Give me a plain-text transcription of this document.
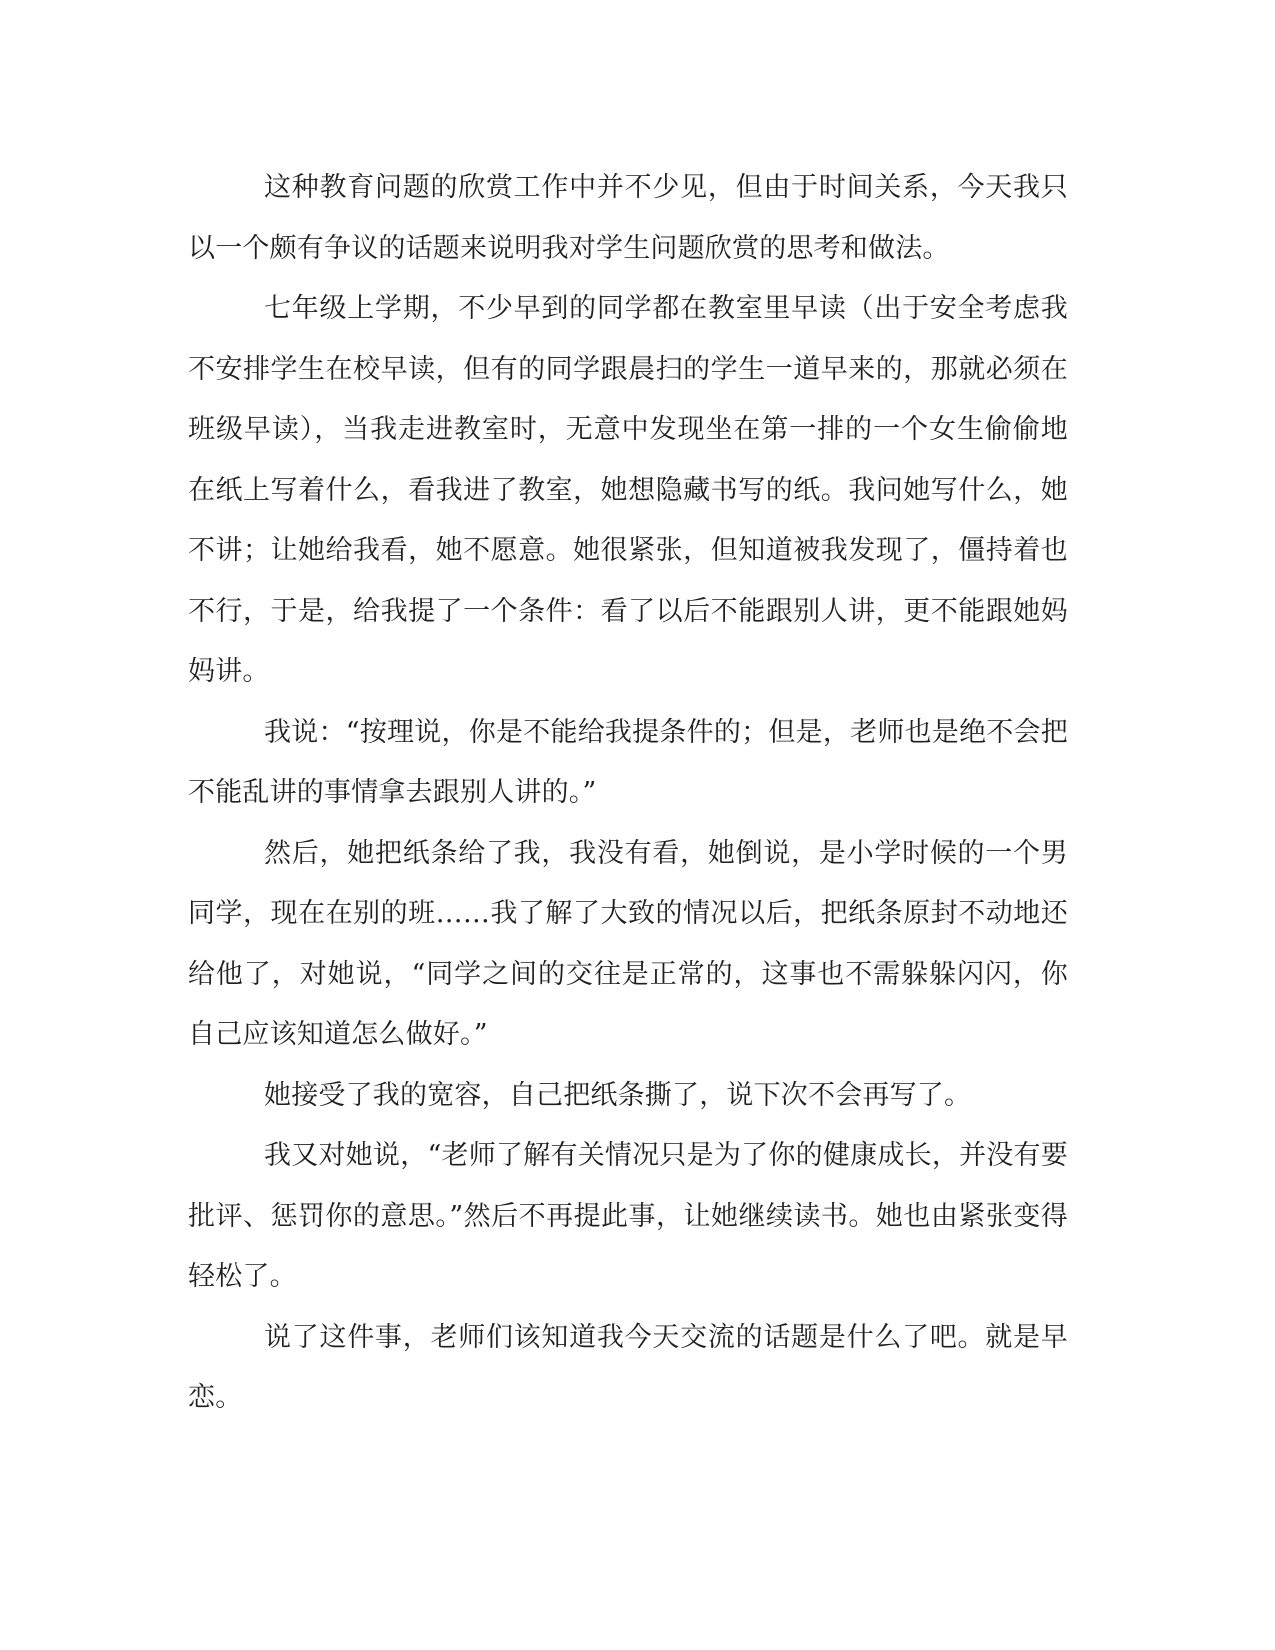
这种教育问题的欣赏工作中并不少见，但由于时间关系，今天我只以一个颇有争议的话题来说明我对学生问题欣赏的思考和做法。

七年级上学期，不少早到的同学都在教室里早读（出于安全考虑我不安排学生在校早读，但有的同学跟晨扫的学生一道早来的，那就必须在班级早读），当我走进教室时，无意中发现坐在第一排的一个女生偷偷地在纸上写着什么，看我进了教室，她想隐藏书写的纸。我问她写什么，她不讲；让她给我看，她不愿意。她很紧张，但知道被我发现了，僵持着也不行，于是，给我提了一个条件：看了以后不能跟别人讲，更不能跟她妈妈讲。

我说：“按理说，你是不能给我提条件的；但是，老师也是绝不会把不能乱讲的事情拿去跟别人讲的。”

然后，她把纸条给了我，我没有看，她倒说，是小学时候的一个男同学，现在在别的班……我了解了大致的情况以后，把纸条原封不动地还给他了，对她说，“同学之间的交往是正常的，这事也不需躲躲闪闪，你自己应该知道怎么做好。”

她接受了我的宽容，自己把纸条撕了，说下次不会再写了。

我又对她说，“老师了解有关情况只是为了你的健康成长，并没有要批评、惩罚你的意思。”然后不再提此事，让她继续读书。她也由紧张变得轻松了。

说了这件事，老师们该知道我今天交流的话题是什么了吧。就是早恋。
